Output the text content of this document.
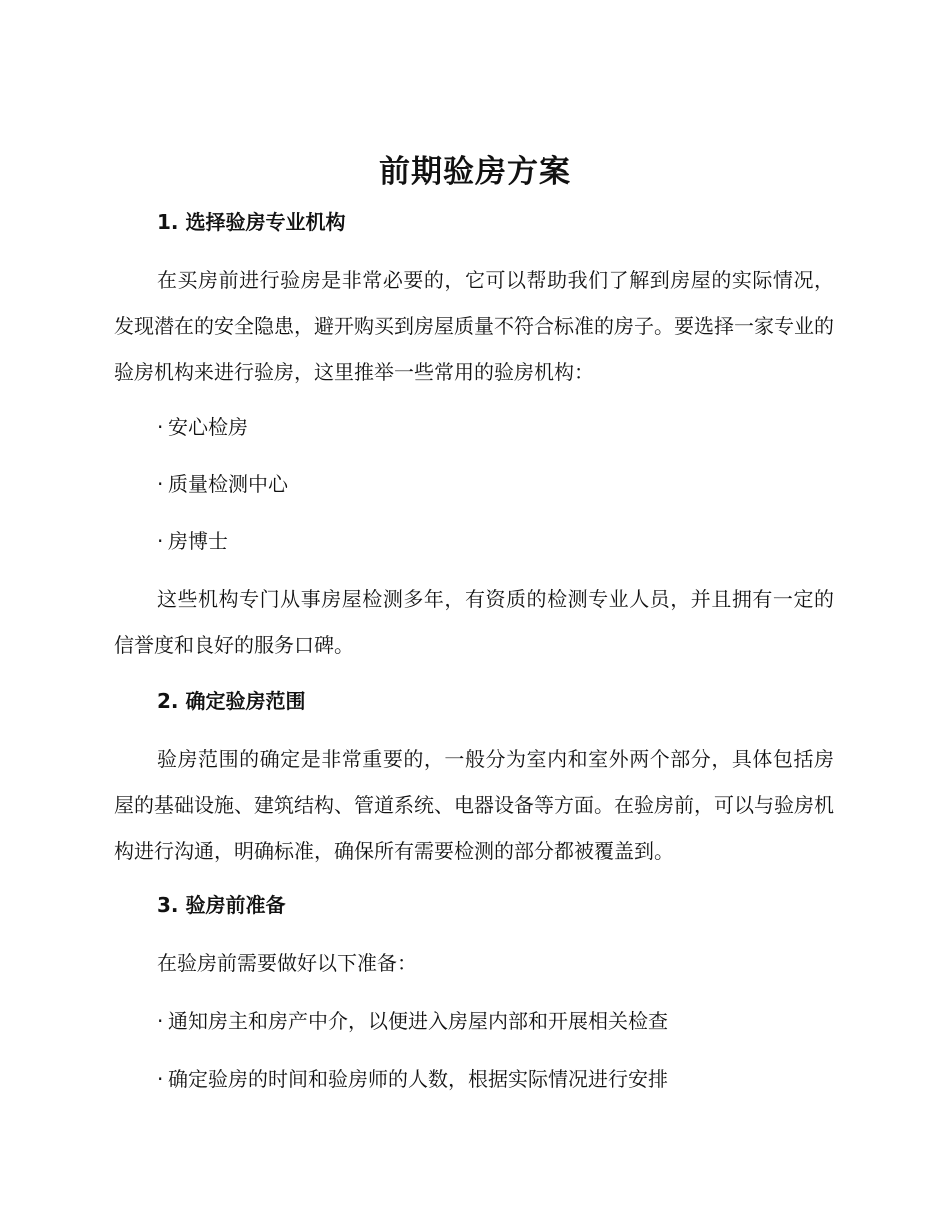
前期验房方案
1. 选择验房专业机构

在买房前进行验房是非常必要的，它可以帮助我们了解到房屋的实际情况，发现潜在的安全隐患，避开购买到房屋质量不符合标准的房子。要选择一家专业的验房机构来进行验房，这里推举一些常用的验房机构：

· 安心检房
· 质量检测中心
· 房博士

这些机构专门从事房屋检测多年，有资质的检测专业人员，并且拥有一定的信誉度和良好的服务口碑。

2. 确定验房范围

验房范围的确定是非常重要的，一般分为室内和室外两个部分，具体包括房屋的基础设施、建筑结构、管道系统、电器设备等方面。在验房前，可以与验房机构进行沟通，明确标准，确保所有需要检测的部分都被覆盖到。

3. 验房前准备
在验房前需要做好以下准备：
· 通知房主和房产中介，以便进入房屋内部和开展相关检查
· 确定验房的时间和验房师的人数，根据实际情况进行安排
